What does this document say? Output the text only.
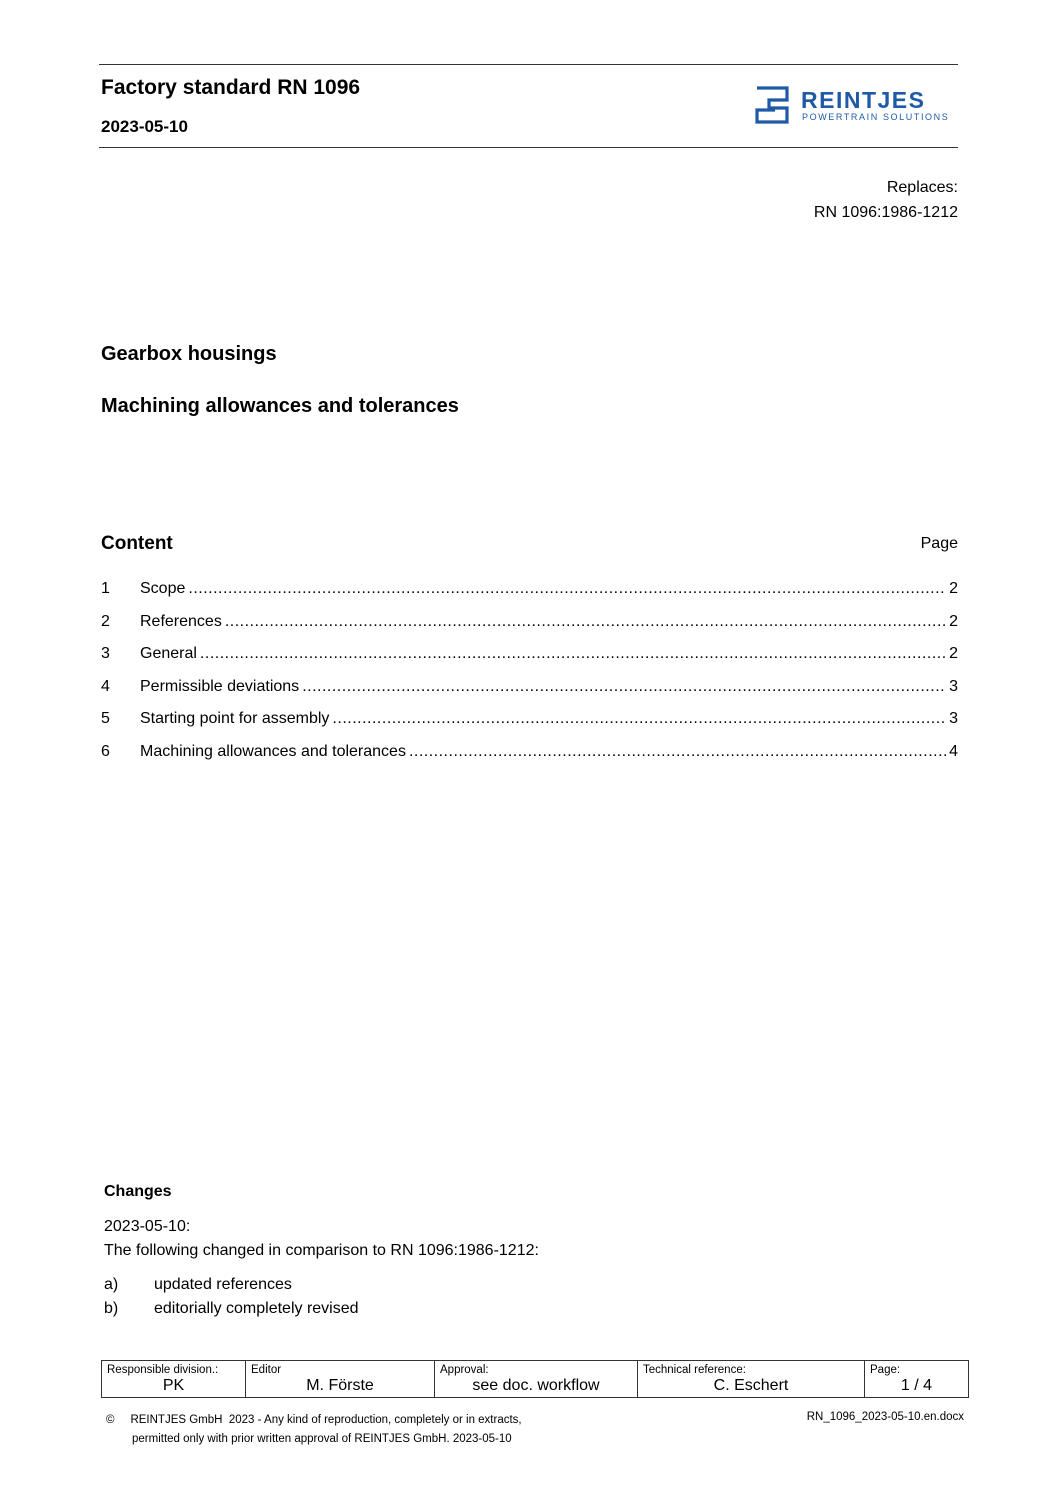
Factory standard RN 1096
2023-05-10
REINTJES
POWERTRAIN SOLUTIONS
Replaces:
RN 1096:1986-1212
Gearbox housings
Machining allowances and tolerances
Content	Page
1	Scope .....	2
2	References .....	2
3	General .....	2
4	Permissible deviations .....	3
5	Starting point for assembly .....	3
6	Machining allowances and tolerances .....	4
Changes
2023-05-10:
The following changed in comparison to RN 1096:1986-1212:
a)	updated references
b)	editorially completely revised
Responsible division.:
PK

Editor
M. Förste

Approval:
see doc. workflow

Technical reference:
C. Eschert

Page:
1 / 4
©     REINTJES GmbH  2023 - Any kind of reproduction, completely or in extracts,
permitted only with prior written approval of REINTJES GmbH. 2023-05-10
RN_1096_2023-05-10.en.docx
